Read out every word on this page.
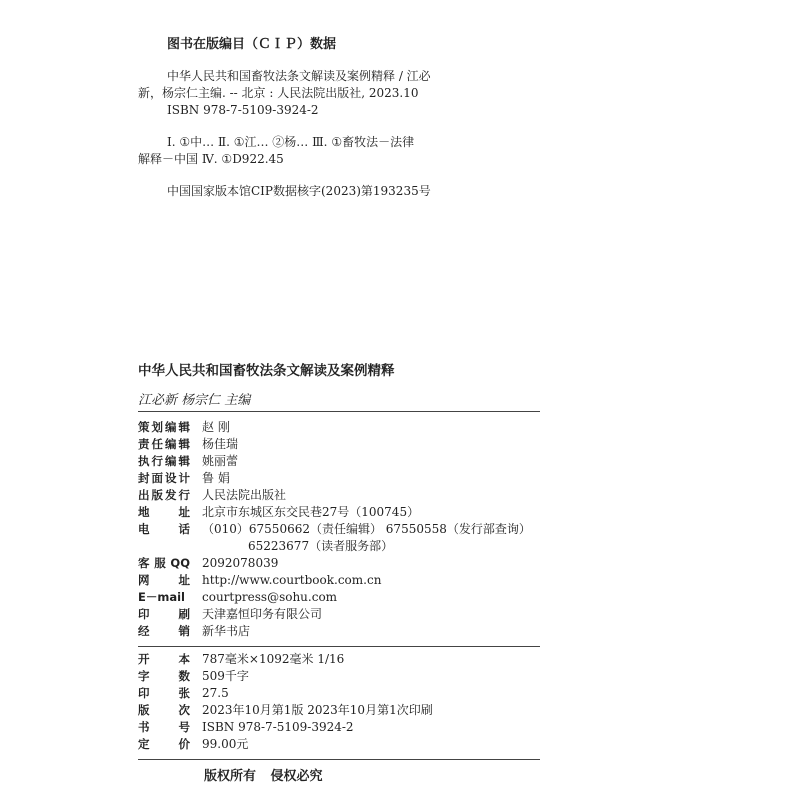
图书在版编目（ＣＩＰ）数据
中华人民共和国畜牧法条文解读及案例精释 / 江必
新，杨宗仁主编. -- 北京 : 人民法院出版社, 2023.10
ISBN 978-7-5109-3924-2
Ⅰ. ①中… Ⅱ. ①江… ②杨… Ⅲ. ①畜牧法－法律
解释－中国 Ⅳ. ①D922.45
中国国家版本馆CIP数据核字(2023)第193235号
中华人民共和国畜牧法条文解读及案例精释
江必新 杨宗仁 主编
策划编辑 赵 刚
责任编辑 杨佳瑞
执行编辑 姚丽蕾
封面设计 鲁 娟
出版发行 人民法院出版社
地址 北京市东城区东交民巷27号（100745）
电话 （010）67550662（责任编辑） 67550558（发行部查询）
65223677（读者服务部）
客服QQ 2092078039
网址 http://www.courtbook.com.cn
E－mail	courtpress@sohu.com
印刷 天津嘉恒印务有限公司
经销 新华书店
开本 787毫米×1092毫米 1/16
字数 509千字
印张 27.5
版次 2023年10月第1版 2023年10月第1次印刷
书号 ISBN 978-7-5109-3924-2
定价 99.00元
版权所有 侵权必究
